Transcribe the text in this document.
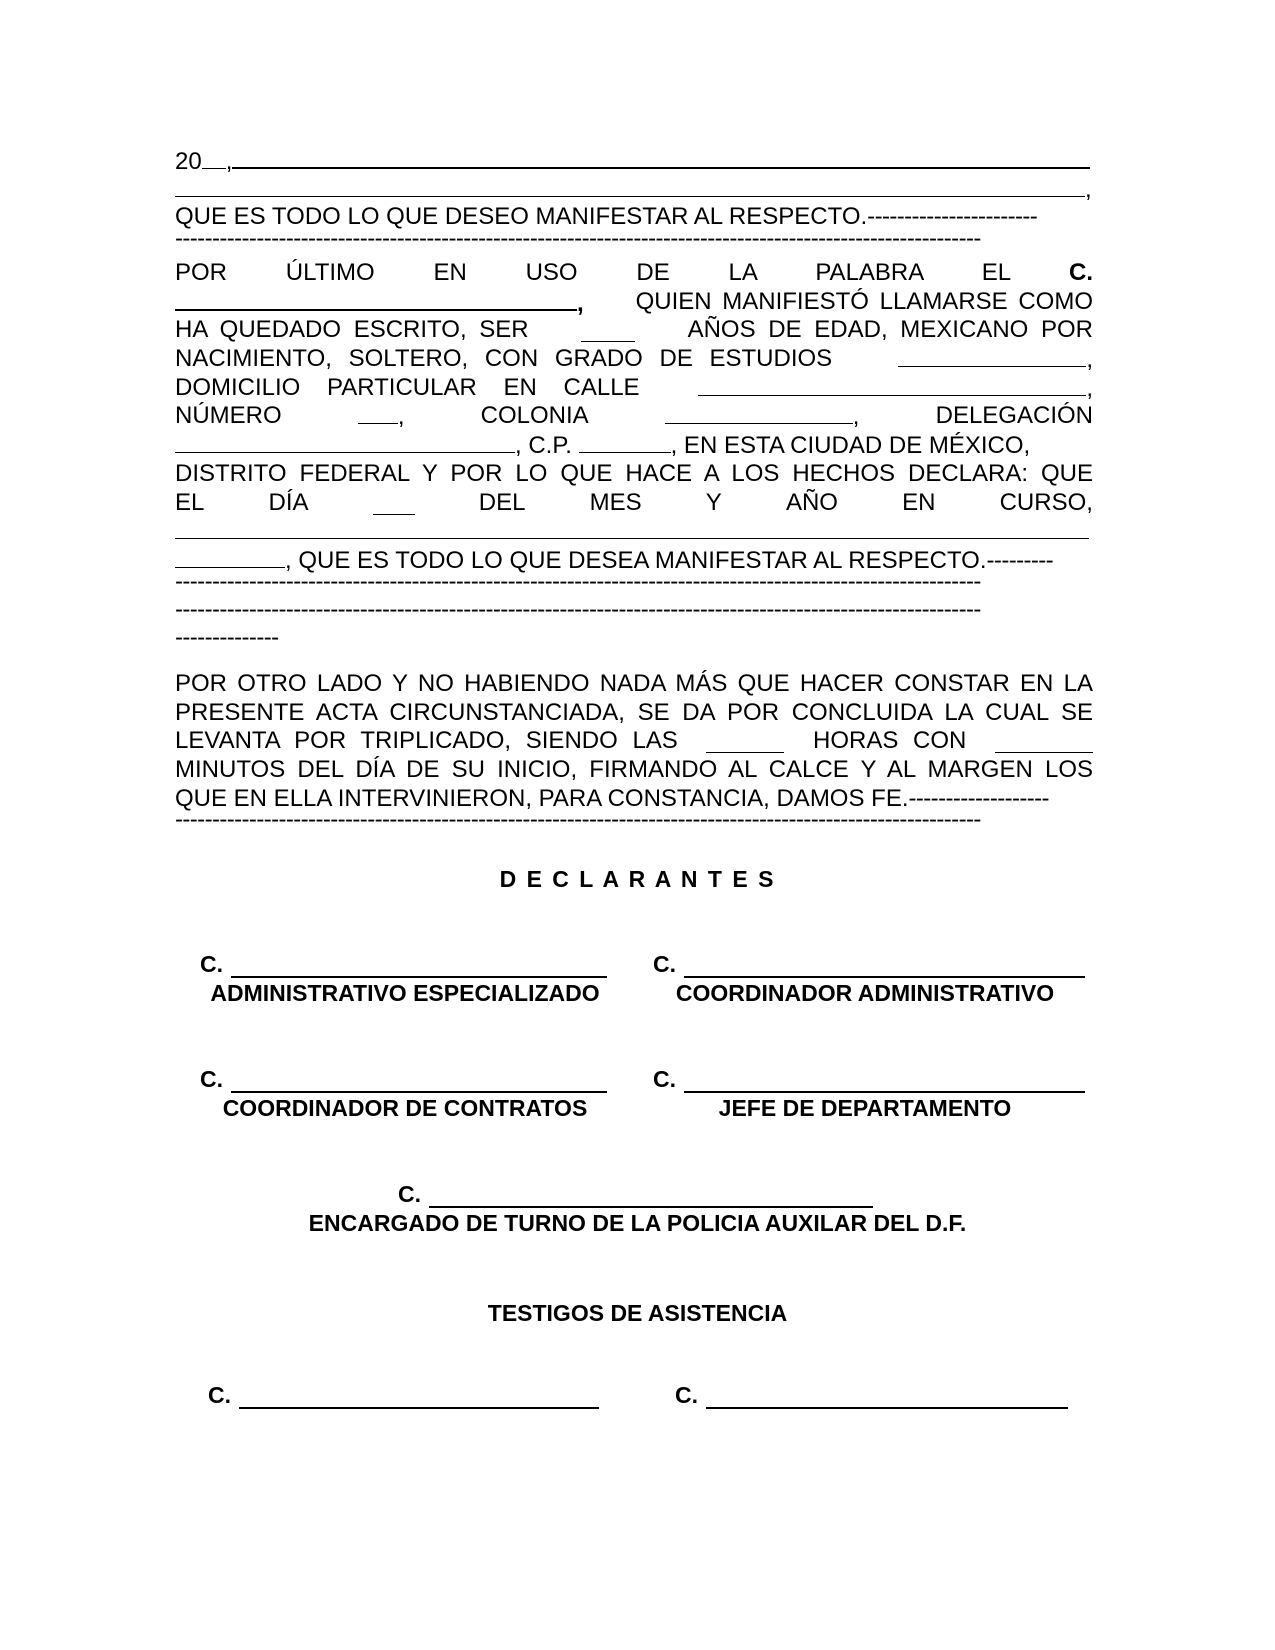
20 ,
,
QUE ES TODO LO QUE DESEO MANIFESTAR AL RESPECTO.-----------------------
-------------------------------------------------------------------------------------------------------------
POR ÚLTIMO EN USO DE LA PALABRA EL C.
, QUIEN MANIFIESTÓ LLAMARSE COMO
HA QUEDADO ESCRITO, SER	AÑOS DE EDAD, MEXICANO POR
NACIMIENTO, SOLTERO, CON GRADO DE ESTUDIOS	,
DOMICILIO PARTICULAR EN CALLE	,
NÚMERO	,	COLONIA	,	DELEGACIÓN
, C.P.	, EN ESTA CIUDAD DE MÉXICO,
DISTRITO FEDERAL Y POR LO QUE HACE A LOS HECHOS DECLARA: QUE
EL	DÍA	DEL	MES	Y	AÑO	EN	CURSO,
, QUE ES TODO LO QUE DESEA MANIFESTAR AL RESPECTO.---------
-------------------------------------------------------------------------------------------------------------
-------------------------------------------------------------------------------------------------------------
--------------
POR OTRO LADO Y NO HABIENDO NADA MÁS QUE HACER CONSTAR EN LA
PRESENTE ACTA CIRCUNSTANCIADA, SE DA POR CONCLUIDA LA CUAL SE
LEVANTA POR TRIPLICADO, SIENDO LAS	HORAS CON
MINUTOS DEL DÍA DE SU INICIO, FIRMANDO AL CALCE Y AL MARGEN LOS
QUE EN ELLA INTERVINIERON, PARA CONSTANCIA, DAMOS FE.-------------------
-------------------------------------------------------------------------------------------------------------
D E C L A R A N T E S
C.
ADMINISTRATIVO ESPECIALIZADO
C.
COORDINADOR ADMINISTRATIVO
C.
COORDINADOR DE CONTRATOS
C.
JEFE DE DEPARTAMENTO
C.
ENCARGADO DE TURNO DE LA POLICIA AUXILAR DEL D.F.
TESTIGOS DE ASISTENCIA
C.	C.
